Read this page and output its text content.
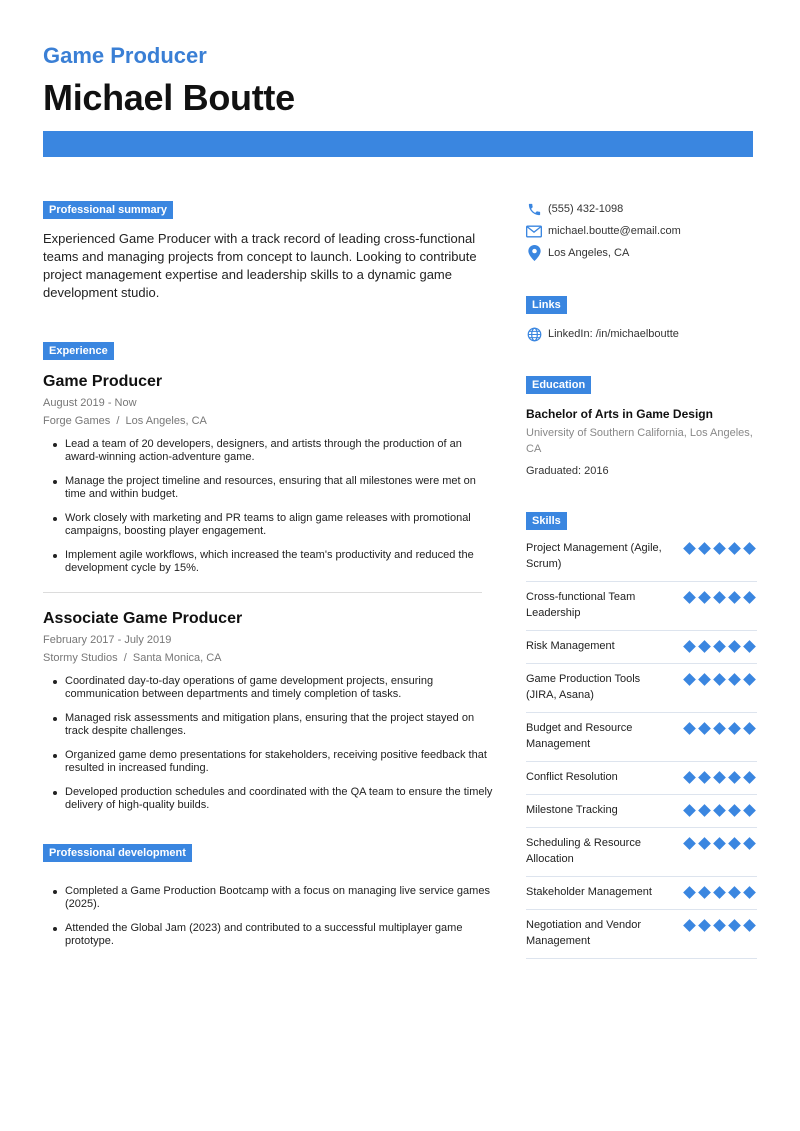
Game Producer
Michael Boutte
Professional summary

Experienced Game Producer with a track record of leading cross-functional teams and managing projects from concept to launch. Looking to contribute project management expertise and leadership skills to a dynamic game development studio.

Experience
Game Producer
August 2019 - Now
Forge Games  /  Los Angeles, CA
Lead a team of 20 developers, designers, and artists through the production of an award-winning action-adventure game.
Manage the project timeline and resources, ensuring that all milestones were met on time and within budget.
Work closely with marketing and PR teams to align game releases with promotional campaigns, boosting player engagement.
Implement agile workflows, which increased the team's productivity and reduced the development cycle by 15%.
Associate Game Producer
February 2017 - July 2019
Stormy Studios  /  Santa Monica, CA
Coordinated day-to-day operations of game development projects, ensuring communication between departments and timely completion of tasks.
Managed risk assessments and mitigation plans, ensuring that the project stayed on track despite challenges.
Organized game demo presentations for stakeholders, receiving positive feedback that resulted in increased funding.
Developed production schedules and coordinated with the QA team to ensure the timely delivery of high-quality builds.
Professional development
Completed a Game Production Bootcamp with a focus on managing live service games (2025).
Attended the Global Jam (2023) and contributed to a successful multiplayer game prototype.
(555) 432-1098
michael.boutte@email.com
Los Angeles, CA
Links
LinkedIn: /in/michaelboutte
Education
Bachelor of Arts in Game Design
University of Southern California, Los Angeles, CA
Graduated: 2016
Skills
Project Management (Agile, Scrum)
Cross-functional Team Leadership
Risk Management
Game Production Tools (JIRA, Asana)
Budget and Resource Management
Conflict Resolution
Milestone Tracking
Scheduling & Resource Allocation
Stakeholder Management
Negotiation and Vendor Management
